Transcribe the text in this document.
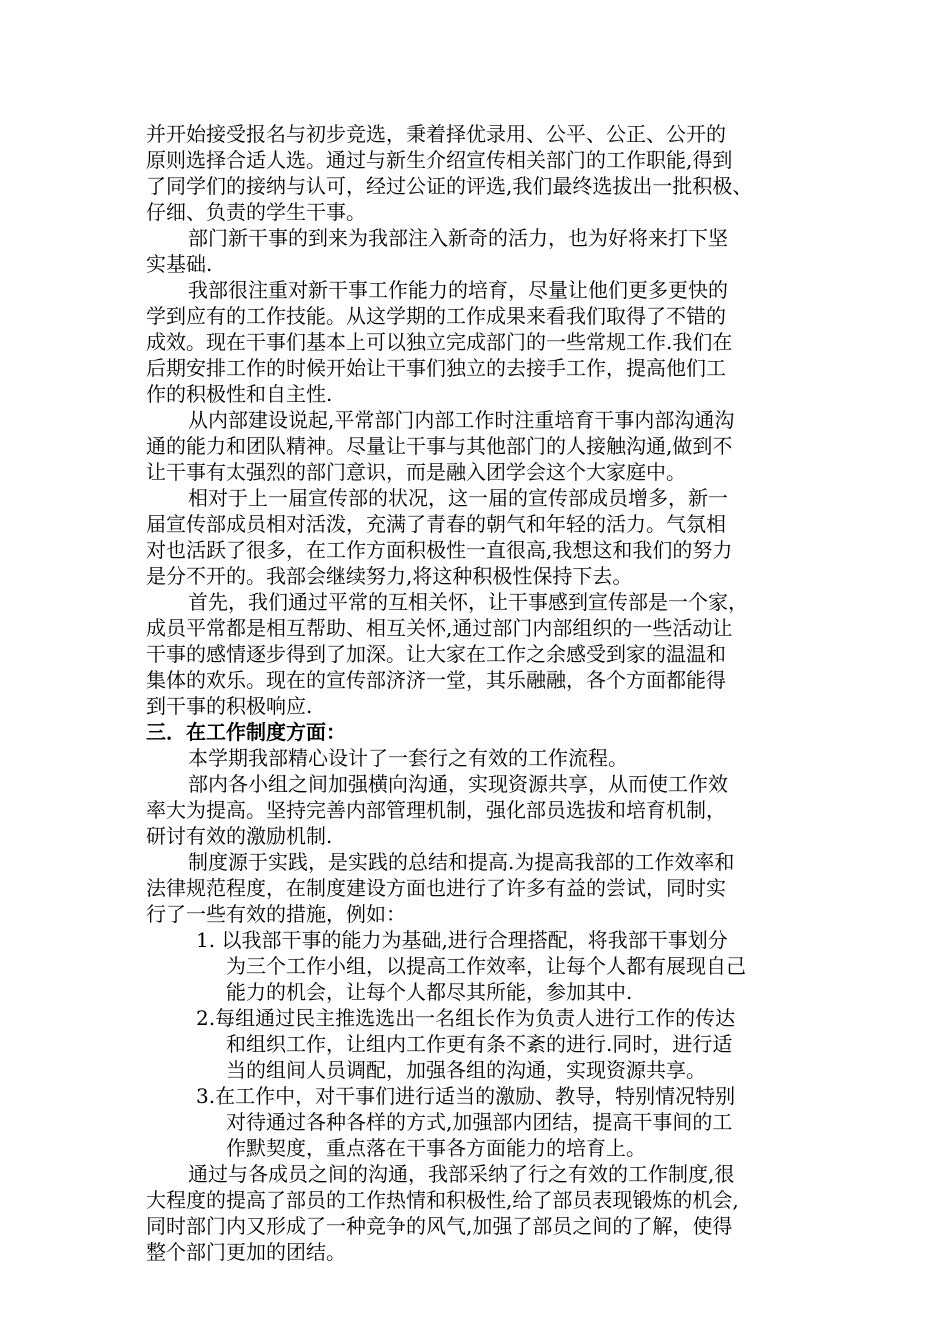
并开始接受报名与初步竞选，秉着择优录用、公平、公正、公开的
原则选择合适人选。通过与新生介绍宣传相关部门的工作职能,得到
了同学们的接纳与认可，经过公证的评选,我们最终选拔出一批积极、
仔细、负责的学生干事。
部门新干事的到来为我部注入新奇的活力，也为好将来打下坚
实基础.
我部很注重对新干事工作能力的培育，尽量让他们更多更快的
学到应有的工作技能。从这学期的工作成果来看我们取得了不错的
成效。现在干事们基本上可以独立完成部门的一些常规工作.我们在
后期安排工作的时候开始让干事们独立的去接手工作，提高他们工
作的积极性和自主性.
从内部建设说起,平常部门内部工作时注重培育干事内部沟通沟
通的能力和团队精神。尽量让干事与其他部门的人接触沟通,做到不
让干事有太强烈的部门意识，而是融入团学会这个大家庭中。
相对于上一届宣传部的状况，这一届的宣传部成员增多，新一
届宣传部成员相对活泼，充满了青春的朝气和年轻的活力。气氛相
对也活跃了很多，在工作方面积极性一直很高,我想这和我们的努力
是分不开的。我部会继续努力,将这种积极性保持下去。
首先，我们通过平常的互相关怀，让干事感到宣传部是一个家，
成员平常都是相互帮助、相互关怀,通过部门内部组织的一些活动让
干事的感情逐步得到了加深。让大家在工作之余感受到家的温温和
集体的欢乐。现在的宣传部济济一堂，其乐融融，各个方面都能得
到干事的积极响应.
三．在工作制度方面：
本学期我部精心设计了一套行之有效的工作流程。
部内各小组之间加强横向沟通，实现资源共享，从而使工作效
率大为提高。坚持完善内部管理机制，强化部员选拔和培育机制，
研讨有效的激励机制.
制度源于实践，是实践的总结和提高.为提高我部的工作效率和
法律规范程度，在制度建设方面也进行了许多有益的尝试，同时实
行了一些有效的措施，例如：
1. 以我部干事的能力为基础,进行合理搭配，将我部干事划分
为三个工作小组，以提高工作效率，让每个人都有展现自己
能力的机会，让每个人都尽其所能，参加其中.
2.每组通过民主推选选出一名组长作为负责人进行工作的传达
和组织工作，让组内工作更有条不紊的进行.同时，进行适
当的组间人员调配，加强各组的沟通，实现资源共享。
3.在工作中，对干事们进行适当的激励、教导，特别情况特别
对待通过各种各样的方式,加强部内团结，提高干事间的工
作默契度，重点落在干事各方面能力的培育上。
通过与各成员之间的沟通，我部采纳了行之有效的工作制度,很
大程度的提高了部员的工作热情和积极性,给了部员表现锻炼的机会,
同时部门内又形成了一种竞争的风气,加强了部员之间的了解，使得
整个部门更加的团结。
